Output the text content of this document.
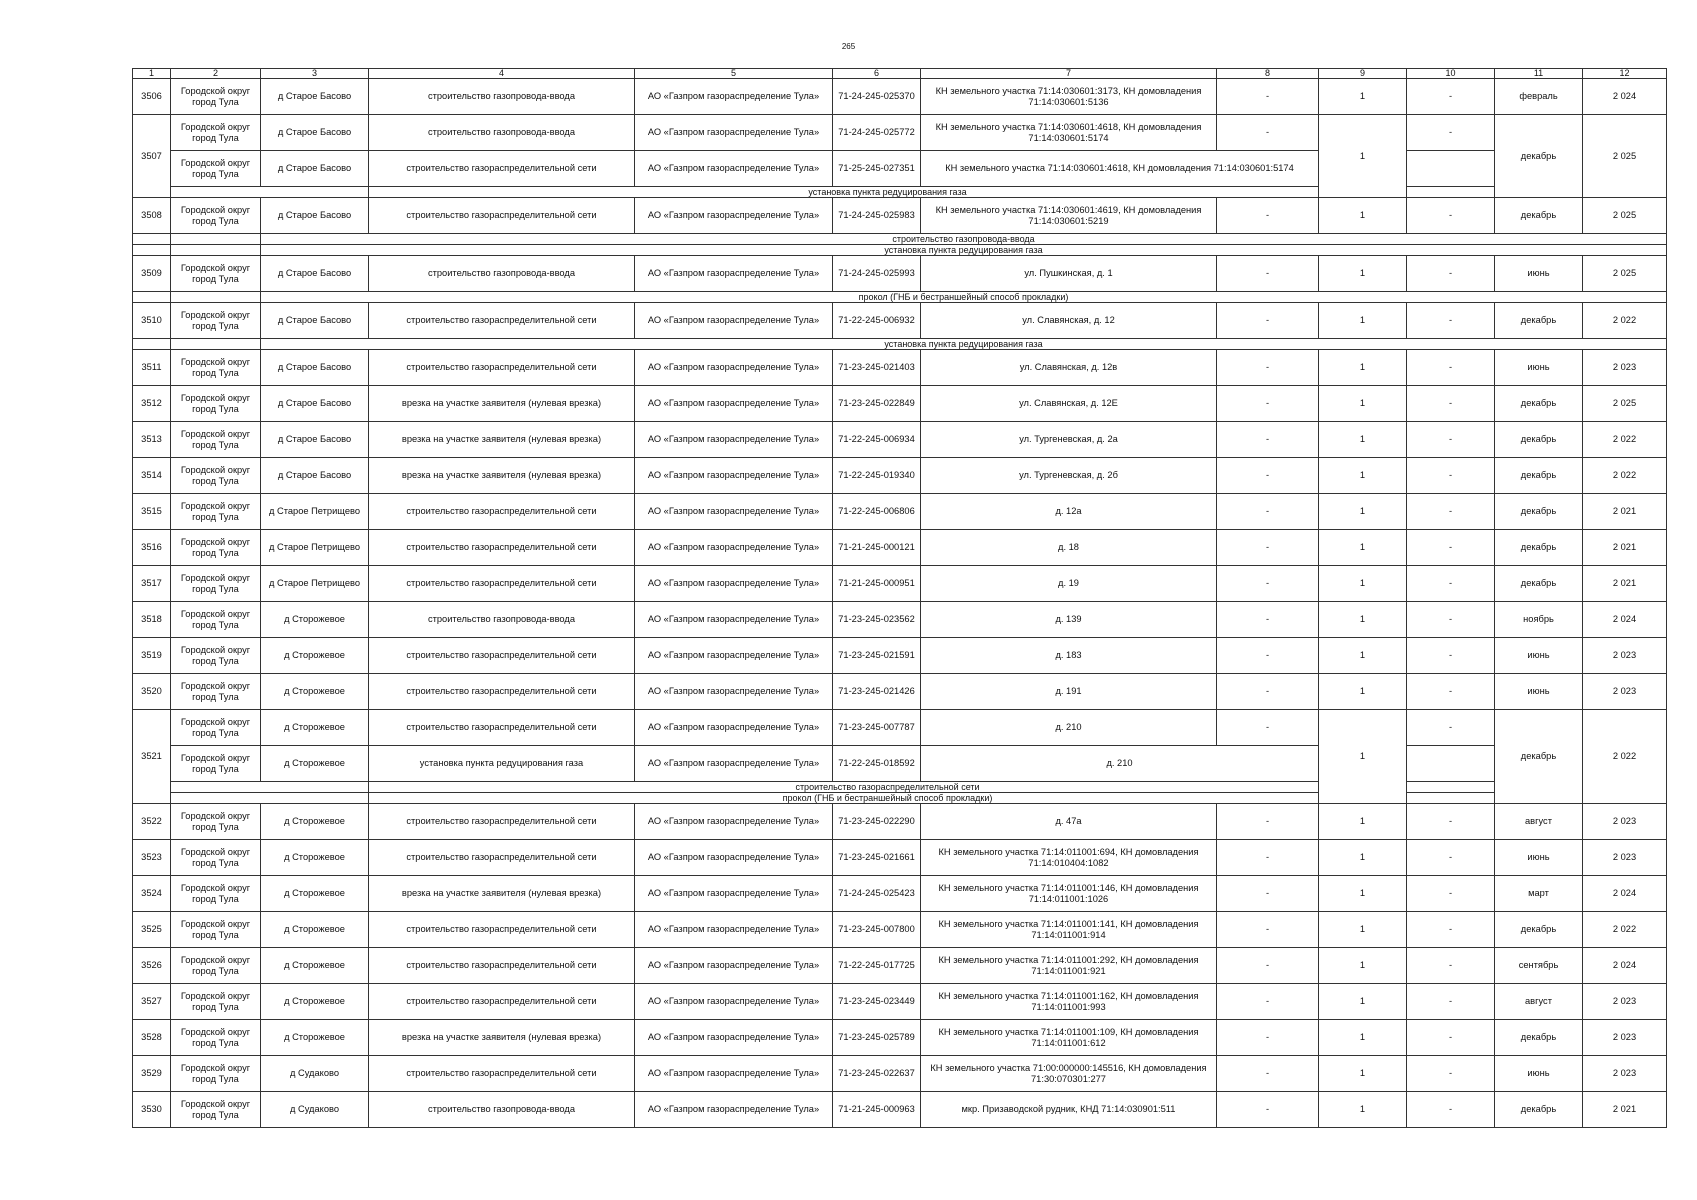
265
1	2	3	4	5	6	7	8	9	10	11	12
3506	Городской округ город Тула	д Старое Басово	строительство газопровода-ввода	АО «Газпром газораспределение Тула»	71-24-245-025370	КН земельного участка 71:14:030601:3173, КН домовладения 71:14:030601:5136	-	1	-	февраль	2 024
3507	Городской округ город Тула	д Старое Басово	строительство газопровода-ввода	АО «Газпром газораспределение Тула»	71-24-245-025772	КН земельного участка 71:14:030601:4618, КН домовладения 71:14:030601:5174	-	1	-	декабрь	2 025
	Городской округ город Тула	д Старое Басово	строительство газораспределительной сети	АО «Газпром газораспределение Тула»	71-25-245-027351	КН земельного участка 71:14:030601:4618, КН домовладения 71:14:030601:5174					
			установка пункта редуцирования газа								
3508	Городской округ город Тула	д Старое Басово	строительство газораспределительной сети	АО «Газпром газораспределение Тула»	71-24-245-025983	КН земельного участка 71:14:030601:4619, КН домовладения 71:14:030601:5219	-	1	-	декабрь	2 025
		строительство газопровода-ввода									
		установка пункта редуцирования газа									
3509	Городской округ город Тула	д Старое Басово	строительство газопровода-ввода	АО «Газпром газораспределение Тула»	71-24-245-025993	ул. Пушкинская, д. 1	-	1	-	июнь	2 025
		прокол (ГНБ и бестраншейный способ прокладки)									
3510	Городской округ город Тула	д Старое Басово	строительство газораспределительной сети	АО «Газпром газораспределение Тула»	71-22-245-006932	ул. Славянская, д. 12	-	1	-	декабрь	2 022
		установка пункта редуцирования газа									
3511	Городской округ город Тула	д Старое Басово	строительство газораспределительной сети	АО «Газпром газораспределение Тула»	71-23-245-021403	ул. Славянская, д. 12в	-	1	-	июнь	2 023
3512	Городской округ город Тула	д Старое Басово	врезка на участке заявителя (нулевая врезка)	АО «Газпром газораспределение Тула»	71-23-245-022849	ул. Славянская, д. 12Е	-	1	-	декабрь	2 025
3513	Городской округ город Тула	д Старое Басово	врезка на участке заявителя (нулевая врезка)	АО «Газпром газораспределение Тула»	71-22-245-006934	ул. Тургеневская, д. 2а	-	1	-	декабрь	2 022
3514	Городской округ город Тула	д Старое Басово	врезка на участке заявителя (нулевая врезка)	АО «Газпром газораспределение Тула»	71-22-245-019340	ул. Тургеневская, д. 2б	-	1	-	декабрь	2 022
3515	Городской округ город Тула	д Старое Петрищево	строительство газораспределительной сети	АО «Газпром газораспределение Тула»	71-22-245-006806	д. 12а	-	1	-	декабрь	2 021
3516	Городской округ город Тула	д Старое Петрищево	строительство газораспределительной сети	АО «Газпром газораспределение Тула»	71-21-245-000121	д. 18	-	1	-	декабрь	2 021
3517	Городской округ город Тула	д Старое Петрищево	строительство газораспределительной сети	АО «Газпром газораспределение Тула»	71-21-245-000951	д. 19	-	1	-	декабрь	2 021
3518	Городской округ город Тула	д Сторожевое	строительство газопровода-ввода	АО «Газпром газораспределение Тула»	71-23-245-023562	д. 139	-	1	-	ноябрь	2 024
3519	Городской округ город Тула	д Сторожевое	строительство газораспределительной сети	АО «Газпром газораспределение Тула»	71-23-245-021591	д. 183	-	1	-	июнь	2 023
3520	Городской округ город Тула	д Сторожевое	строительство газораспределительной сети	АО «Газпром газораспределение Тула»	71-23-245-021426	д. 191	-	1	-	июнь	2 023
3521	Городской округ город Тула	д Сторожевое	строительство газораспределительной сети	АО «Газпром газораспределение Тула»	71-23-245-007787	д. 210	-	1	-	декабрь	2 022
	Городской округ город Тула	д Сторожевое	установка пункта редуцирования газа	АО «Газпром газораспределение Тула»	71-22-245-018592	д. 210					
			строительство газораспределительной сети								
			прокол (ГНБ и бестраншейный способ прокладки)								
3522	Городской округ город Тула	д Сторожевое	строительство газораспределительной сети	АО «Газпром газораспределение Тула»	71-23-245-022290	д. 47а	-	1	-	август	2 023
3523	Городской округ город Тула	д Сторожевое	строительство газораспределительной сети	АО «Газпром газораспределение Тула»	71-23-245-021661	КН земельного участка 71:14:011001:694, КН домовладения 71:14:010404:1082	-	1	-	июнь	2 023
3524	Городской округ город Тула	д Сторожевое	врезка на участке заявителя (нулевая врезка)	АО «Газпром газораспределение Тула»	71-24-245-025423	КН земельного участка 71:14:011001:146, КН домовладения 71:14:011001:1026	-	1	-	март	2 024
3525	Городской округ город Тула	д Сторожевое	строительство газораспределительной сети	АО «Газпром газораспределение Тула»	71-23-245-007800	КН земельного участка 71:14:011001:141, КН домовладения 71:14:011001:914	-	1	-	декабрь	2 022
3526	Городской округ город Тула	д Сторожевое	строительство газораспределительной сети	АО «Газпром газораспределение Тула»	71-22-245-017725	КН земельного участка 71:14:011001:292, КН домовладения 71:14:011001:921	-	1	-	сентябрь	2 024
3527	Городской округ город Тула	д Сторожевое	строительство газораспределительной сети	АО «Газпром газораспределение Тула»	71-23-245-023449	КН земельного участка 71:14:011001:162, КН домовладения 71:14:011001:993	-	1	-	август	2 023
3528	Городской округ город Тула	д Сторожевое	врезка на участке заявителя (нулевая врезка)	АО «Газпром газораспределение Тула»	71-23-245-025789	КН земельного участка 71:14:011001:109, КН домовладения 71:14:011001:612	-	1	-	декабрь	2 023
3529	Городской округ город Тула	д Судаково	строительство газораспределительной сети	АО «Газпром газораспределение Тула»	71-23-245-022637	КН земельного участка 71:00:000000:145516, КН домовладения 71:30:070301:277	-	1	-	июнь	2 023
3530	Городской округ город Тула	д Судаково	строительство газопровода-ввода	АО «Газпром газораспределение Тула»	71-21-245-000963	мкр. Призаводской рудник, КНД 71:14:030901:511	-	1	-	декабрь	2 021
